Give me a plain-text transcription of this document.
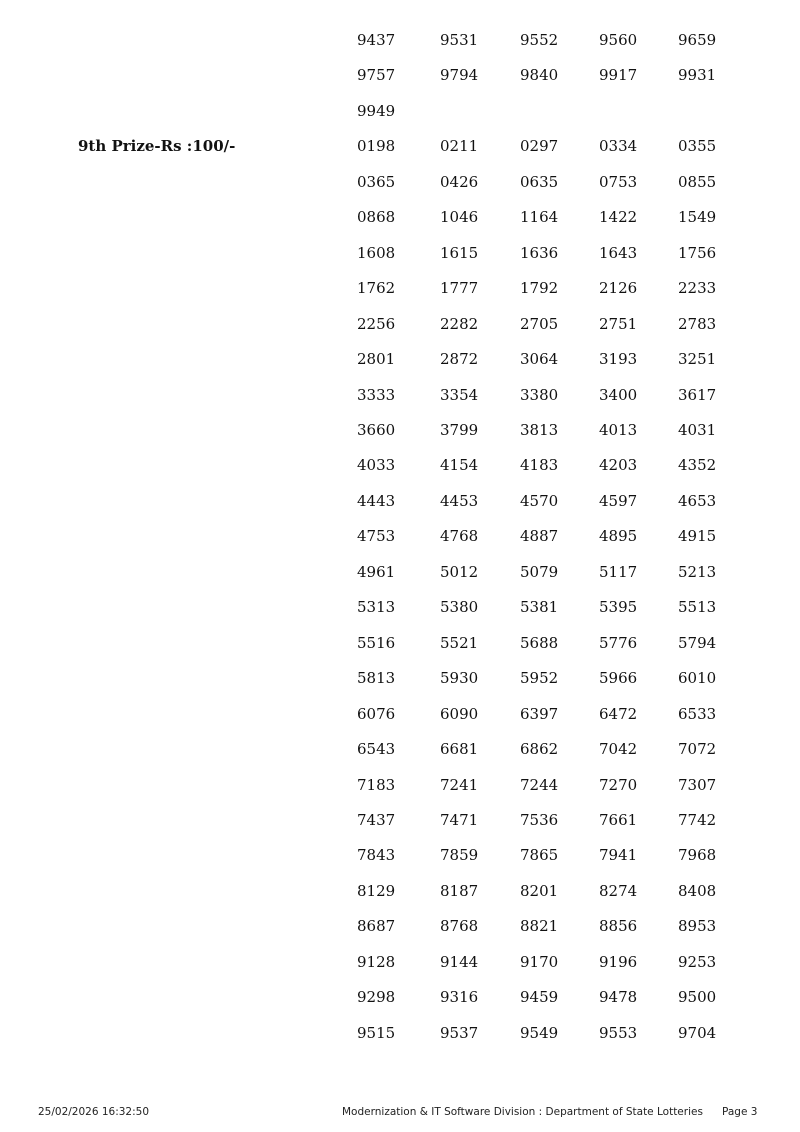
9437	9531	9552	9560	9659
9757	9794	9840	9917	9931
9949
9th Prize-Rs :100/-	0198	0211	0297	0334	0355
0365	0426	0635	0753	0855
0868	1046	1164	1422	1549
1608	1615	1636	1643	1756
1762	1777	1792	2126	2233
2256	2282	2705	2751	2783
2801	2872	3064	3193	3251
3333	3354	3380	3400	3617
3660	3799	3813	4013	4031
4033	4154	4183	4203	4352
4443	4453	4570	4597	4653
4753	4768	4887	4895	4915
4961	5012	5079	5117	5213
5313	5380	5381	5395	5513
5516	5521	5688	5776	5794
5813	5930	5952	5966	6010
6076	6090	6397	6472	6533
6543	6681	6862	7042	7072
7183	7241	7244	7270	7307
7437	7471	7536	7661	7742
7843	7859	7865	7941	7968
8129	8187	8201	8274	8408
8687	8768	8821	8856	8953
9128	9144	9170	9196	9253
9298	9316	9459	9478	9500
9515	9537	9549	9553	9704
25/02/2026 16:32:50	Modernization & IT Software Division : Department of State Lotteries Page 3
